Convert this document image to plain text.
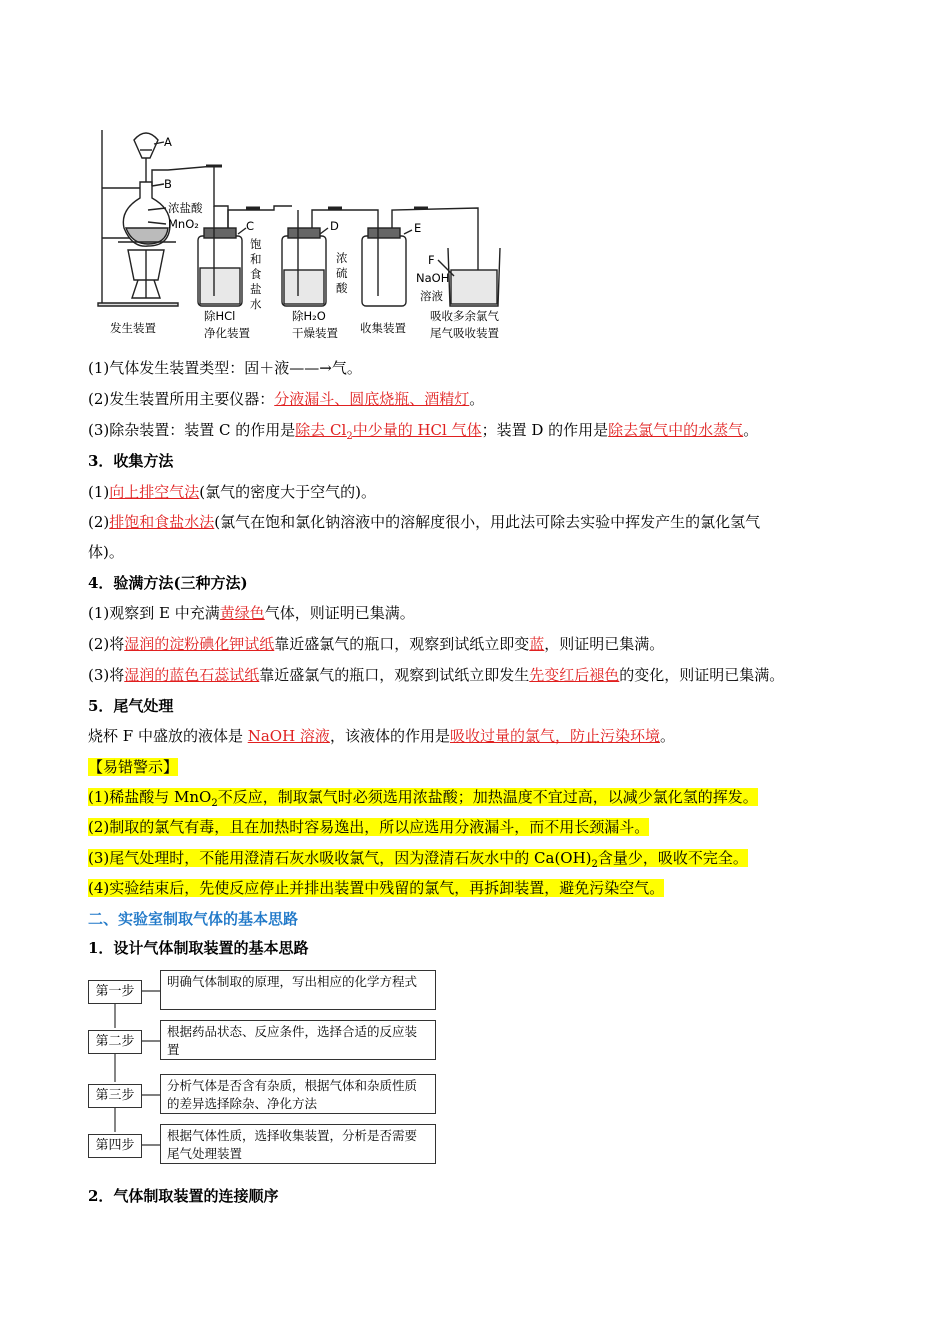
A
B
浓盐酸
MnO₂	C
饱
和
食
盐
水
D
浓
硫
酸
E
F
NaOH
溶液
发生装置
除HCl
净化装置
除H₂O
干燥装置 收集装置
吸收多余氯气
尾气吸收装置
(1)气体发生装置类型：固＋液——→气。
(2)发生装置所用主要仪器：分液漏斗、圆底烧瓶、酒精灯。
(3)除杂装置：装置 C 的作用是除去 $Cl_2$中少量的 HCl 气体；装置 D 的作用是除去氯气中的水蒸气。
3．收集方法
(1)向上排空气法(氯气的密度大于空气的)。
(2)排饱和食盐水法(氯气在饱和氯化钠溶液中的溶解度很小，用此法可除去实验中挥发产生的氯化氢气
体)。
4．验满方法(三种方法)
(1)观察到 E 中充满黄绿色气体，则证明已集满。
(2)将湿润的淀粉碘化钾试纸靠近盛氯气的瓶口，观察到试纸立即变蓝，则证明已集满。
(3)将湿润的蓝色石蕊试纸靠近盛氯气的瓶口，观察到试纸立即发生先变红后褪色的变化，则证明已集满。
5．尾气处理
烧杯 F 中盛放的液体是 NaOH 溶液，该液体的作用是吸收过量的氯气，防止污染环境。
【易错警示】
(1)稀盐酸与 MnO$_2$不反应，制取氯气时必须选用浓盐酸；加热温度不宜过高，以减少氯化氢的挥发。
(2)制取的氯气有毒，且在加热时容易逸出，所以应选用分液漏斗，而不用长颈漏斗。
(3)尾气处理时，不能用澄清石灰水吸收氯气，因为澄清石灰水中的 $Ca(OH)_2$含量少，吸收不完全。
(4)实验结束后，先使反应停止并排出装置中残留的氯气，再拆卸装置，避免污染空气。
二、实验室制取气体的基本思路
1．设计气体制取装置的基本思路
第一步
明确气体制取的原理，写出相应的化学方程式
第二步
根据药品状态、反应条件，选择合适的反应装置
第三步
分析气体是否含有杂质，根据气体和杂质性质的差异选择除杂、净化方法
第四步
根据气体性质，选择收集装置，分析是否需要尾气处理装置
2．气体制取装置的连接顺序
